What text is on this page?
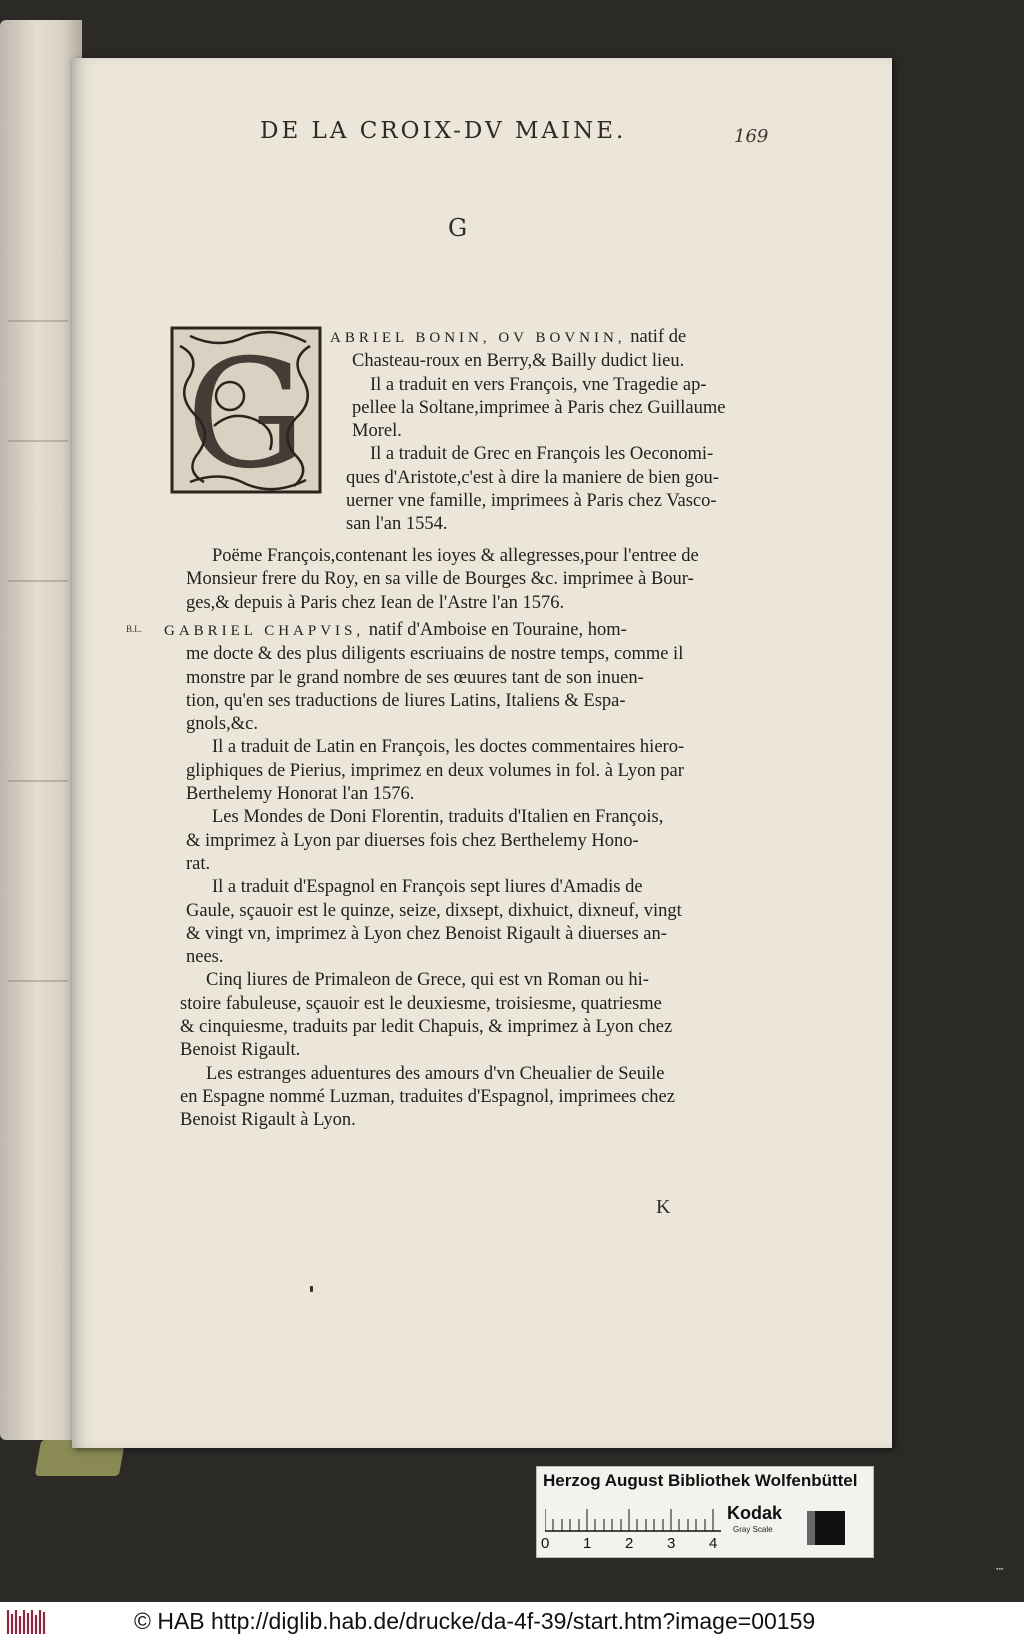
DE LA CROIX-DV MAINE.	169
G
G ABRIEL BONIN, OV BOVNIN, natif de

Chasteau-roux en Berry,& Bailly dudict lieu.

Il a traduit en vers François, vne Tragedie ap-

pellee la Soltane,imprimee à Paris chez Guillaume

Morel.

Il a traduit de Grec en François les Oeconomi-

ques d'Aristote,c'est à dire la maniere de bien gou-

uerner vne famille, imprimees à Paris chez Vasco-

san l'an 1554.

Poëme François,contenant les ioyes & allegresses,pour l'entree de

Monsieur frere du Roy, en sa ville de Bourges &c. imprimee à Bour-

ges,& depuis à Paris chez Iean de l'Astre l'an 1576.

B.L. GABRIEL CHAPVIS, natif d'Amboise en Touraine, hom-

me docte & des plus diligents escriuains de nostre temps, comme il

monstre par le grand nombre de ses œuures tant de son inuen-

tion, qu'en ses traductions de liures Latins, Italiens & Espa-

gnols,&c.

Il a traduit de Latin en François, les doctes commentaires hiero-

gliphiques de Pierius, imprimez en deux volumes in fol. à Lyon par

Berthelemy Honorat l'an 1576.

Les Mondes de Doni Florentin, traduits d'Italien en François,

& imprimez à Lyon par diuerses fois chez Berthelemy Hono-

rat.

Il a traduit d'Espagnol en François sept liures d'Amadis de

Gaule, sçauoir est le quinze, seize, dixsept, dixhuict, dixneuf, vingt

& vingt vn, imprimez à Lyon chez Benoist Rigault à diuerses an-

nees.

Cinq liures de Primaleon de Grece, qui est vn Roman ou hi-

stoire fabuleuse, sçauoir est le deuxiesme, troisiesme, quatriesme

& cinquiesme, traduits par ledit Chapuis, & imprimez à Lyon chez

Benoist Rigault.

Les estranges aduentures des amours d'vn Cheualier de Seuile

en Espagne nommé Luzman, traduites d'Espagnol, imprimees chez

Benoist Rigault à Lyon.

K
Herzog August Bibliothek Wolfenbüttel
0 1 2 3 4
Kodak
Gray Scale
▪▪▪
© HAB http://diglib.hab.de/drucke/da-4f-39/start.htm?image=00159
